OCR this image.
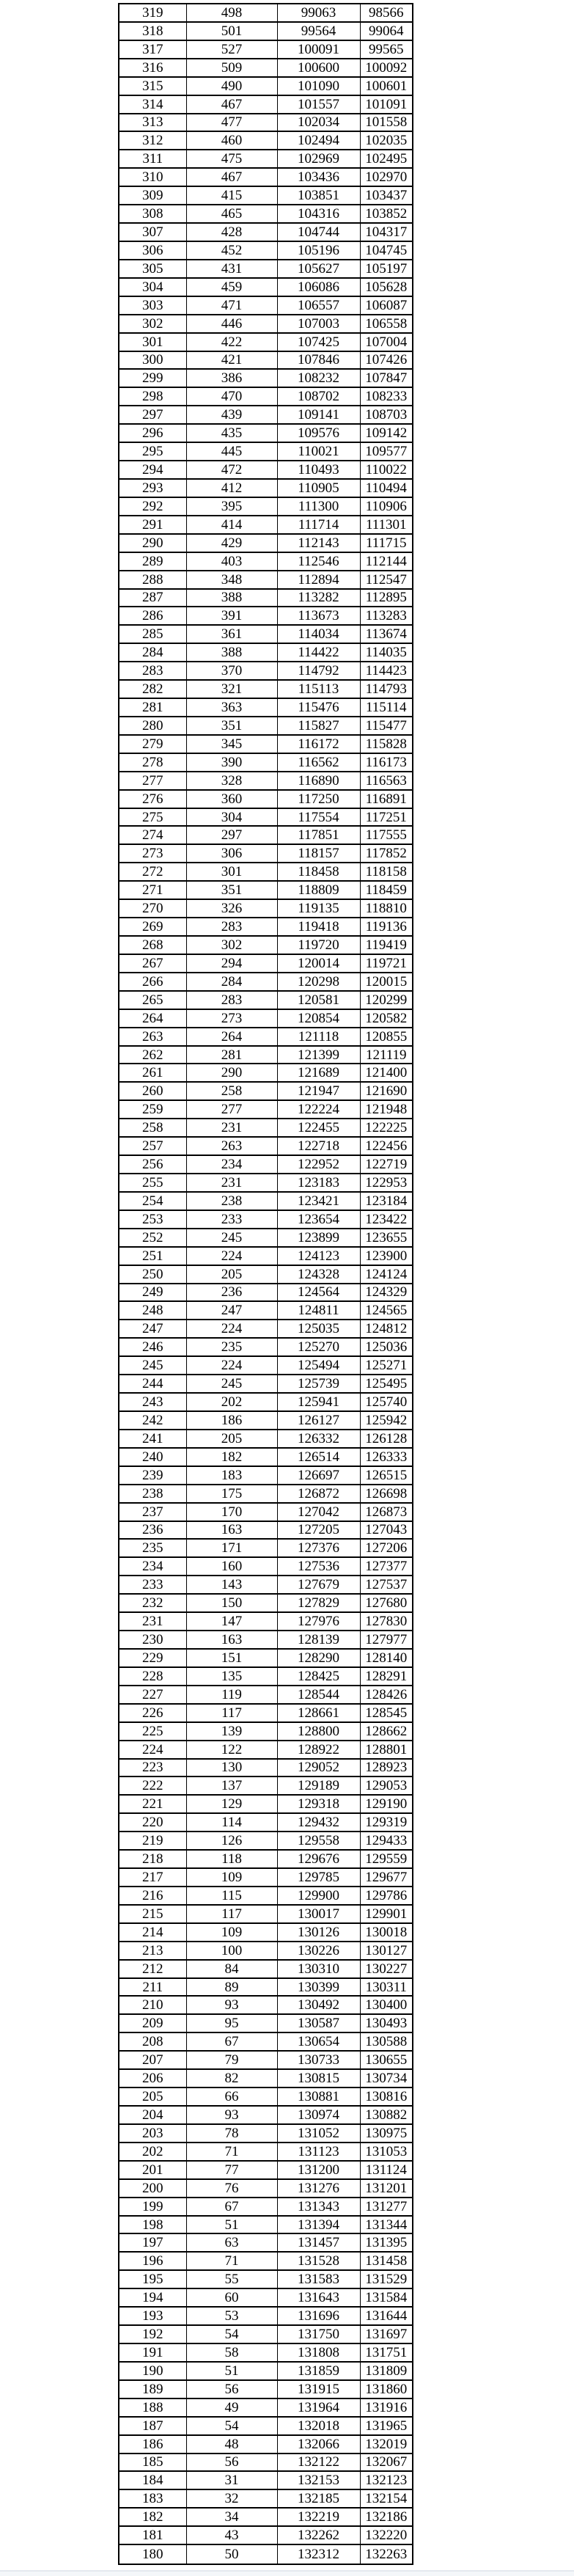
319	498	99063	98566
318	501	99564	99064
317	527	100091	99565
316	509	100600	100092
315	490	101090	100601
314	467	101557	101091
313	477	102034	101558
312	460	102494	102035
311	475	102969	102495
310	467	103436	102970
309	415	103851	103437
308	465	104316	103852
307	428	104744	104317
306	452	105196	104745
305	431	105627	105197
304	459	106086	105628
303	471	106557	106087
302	446	107003	106558
301	422	107425	107004
300	421	107846	107426
299	386	108232	107847
298	470	108702	108233
297	439	109141	108703
296	435	109576	109142
295	445	110021	109577
294	472	110493	110022
293	412	110905	110494
292	395	111300	110906
291	414	111714	111301
290	429	112143	111715
289	403	112546	112144
288	348	112894	112547
287	388	113282	112895
286	391	113673	113283
285	361	114034	113674
284	388	114422	114035
283	370	114792	114423
282	321	115113	114793
281	363	115476	115114
280	351	115827	115477
279	345	116172	115828
278	390	116562	116173
277	328	116890	116563
276	360	117250	116891
275	304	117554	117251
274	297	117851	117555
273	306	118157	117852
272	301	118458	118158
271	351	118809	118459
270	326	119135	118810
269	283	119418	119136
268	302	119720	119419
267	294	120014	119721
266	284	120298	120015
265	283	120581	120299
264	273	120854	120582
263	264	121118	120855
262	281	121399	121119
261	290	121689	121400
260	258	121947	121690
259	277	122224	121948
258	231	122455	122225
257	263	122718	122456
256	234	122952	122719
255	231	123183	122953
254	238	123421	123184
253	233	123654	123422
252	245	123899	123655
251	224	124123	123900
250	205	124328	124124
249	236	124564	124329
248	247	124811	124565
247	224	125035	124812
246	235	125270	125036
245	224	125494	125271
244	245	125739	125495
243	202	125941	125740
242	186	126127	125942
241	205	126332	126128
240	182	126514	126333
239	183	126697	126515
238	175	126872	126698
237	170	127042	126873
236	163	127205	127043
235	171	127376	127206
234	160	127536	127377
233	143	127679	127537
232	150	127829	127680
231	147	127976	127830
230	163	128139	127977
229	151	128290	128140
228	135	128425	128291
227	119	128544	128426
226	117	128661	128545
225	139	128800	128662
224	122	128922	128801
223	130	129052	128923
222	137	129189	129053
221	129	129318	129190
220	114	129432	129319
219	126	129558	129433
218	118	129676	129559
217	109	129785	129677
216	115	129900	129786
215	117	130017	129901
214	109	130126	130018
213	100	130226	130127
212	84	130310	130227
211	89	130399	130311
210	93	130492	130400
209	95	130587	130493
208	67	130654	130588
207	79	130733	130655
206	82	130815	130734
205	66	130881	130816
204	93	130974	130882
203	78	131052	130975
202	71	131123	131053
201	77	131200	131124
200	76	131276	131201
199	67	131343	131277
198	51	131394	131344
197	63	131457	131395
196	71	131528	131458
195	55	131583	131529
194	60	131643	131584
193	53	131696	131644
192	54	131750	131697
191	58	131808	131751
190	51	131859	131809
189	56	131915	131860
188	49	131964	131916
187	54	132018	131965
186	48	132066	132019
185	56	132122	132067
184	31	132153	132123
183	32	132185	132154
182	34	132219	132186
181	43	132262	132220
180	50	132312	132263
